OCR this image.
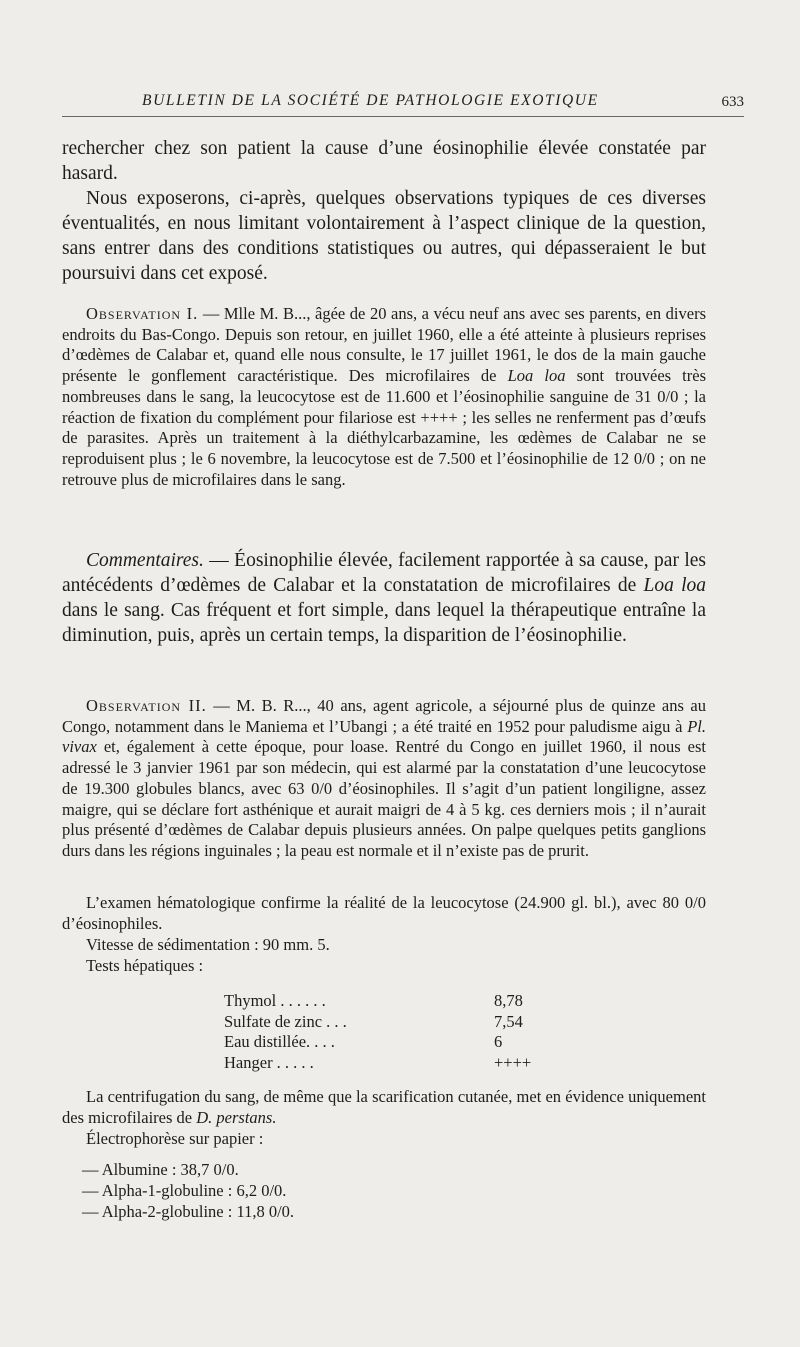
BULLETIN DE LA SOCIÉTÉ DE PATHOLOGIE EXOTIQUE	633

rechercher chez son patient la cause d’une éosinophilie élevée constatée par hasard.

Nous exposerons, ci-après, quelques observations typiques de ces diverses éventualités, en nous limitant volontairement à l’aspect clinique de la question, sans entrer dans des conditions statistiques ou autres, qui dépasseraient le but poursuivi dans cet exposé.

Observation I. — Mlle M. B..., âgée de 20 ans, a vécu neuf ans avec ses parents, en divers endroits du Bas-Congo. Depuis son retour, en juillet 1960, elle a été atteinte à plusieurs reprises d’œdèmes de Calabar et, quand elle nous consulte, le 17 juillet 1961, le dos de la main gauche présente le gonflement caractéristique. Des microfilaires de Loa loa sont trouvées très nombreuses dans le sang, la leucocytose est de 11.600 et l’éosinophilie sanguine de 31 0/0 ; la réaction de fixation du complément pour filariose est ++++ ; les selles ne renferment pas d’œufs de parasites. Après un traitement à la diéthylcarbazamine, les œdèmes de Calabar ne se reproduisent plus ; le 6 novembre, la leucocytose est de 7.500 et l’éosinophilie de 12 0/0 ; on ne retrouve plus de microfilaires dans le sang.

Commentaires. — Éosinophilie élevée, facilement rapportée à sa cause, par les antécédents d’œdèmes de Calabar et la constatation de microfilaires de Loa loa dans le sang. Cas fréquent et fort simple, dans lequel la thérapeutique entraîne la diminution, puis, après un certain temps, la disparition de l’éosinophilie.

Observation II. — M. B. R..., 40 ans, agent agricole, a séjourné plus de quinze ans au Congo, notamment dans le Maniema et l’Ubangi ; a été traité en 1952 pour paludisme aigu à Pl. vivax et, également à cette époque, pour loase. Rentré du Congo en juillet 1960, il nous est adressé le 3 janvier 1961 par son médecin, qui est alarmé par la constatation d’une leucocytose de 19.300 globules blancs, avec 63 0/0 d’éosinophiles. Il s’agit d’un patient longiligne, assez maigre, qui se déclare fort asthénique et aurait maigri de 4 à 5 kg. ces derniers mois ; il n’aurait plus présenté d’œdèmes de Calabar depuis plusieurs années. On palpe quelques petits ganglions durs dans les régions inguinales ; la peau est normale et il n’existe pas de prurit.

L’examen hématologique confirme la réalité de la leucocytose (24.900 gl. bl.), avec 80 0/0 d’éosinophiles.

Vitesse de sédimentation : 90 mm. 5.

Tests hépatiques :

Thymol . . . . . .	8,78
Sulfate de zinc . . .	7,54
Eau distillée. . . .	6
Hanger . . . . .	++++

La centrifugation du sang, de même que la scarification cutanée, met en évidence uniquement des microfilaires de D. perstans.

Électrophorèse sur papier :

— Albumine : 38,7 0/0.
— Alpha-1-globuline : 6,2 0/0.
— Alpha-2-globuline : 11,8 0/0.
